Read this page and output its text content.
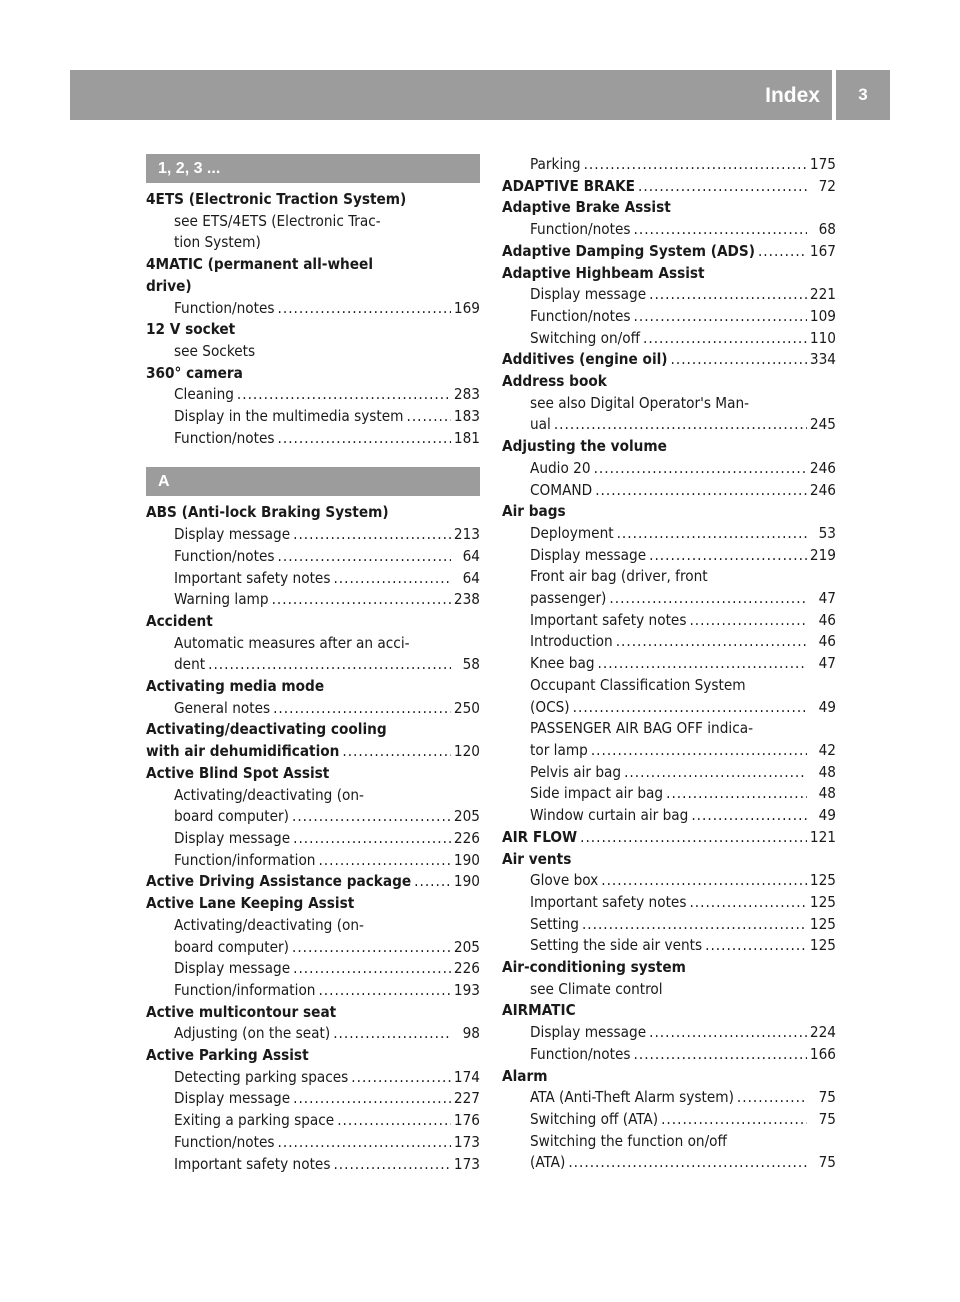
Index	3
1, 2, 3 ...
4ETS (Electronic Traction System)
see ETS/4ETS (Electronic Trac-
tion System)
4MATIC (permanent all-wheel
drive)
Function/notes .....	169
12 V socket
see Sockets
360° camera
Cleaning .....	283
Display in the multimedia system .....	183
Function/notes .....	181
A
ABS (Anti-lock Braking System)
Display message .....	213
Function/notes .....	64
Important safety notes .....	64
Warning lamp .....	238
Accident
Automatic measures after an acci-
dent .....	58
Activating media mode
General notes .....	250
Activating/deactivating cooling
with air dehumidification .....	120
Active Blind Spot Assist
Activating/deactivating (on-
board computer) .....	205
Display message .....	226
Function/information .....	190
Active Driving Assistance package .....	190
Active Lane Keeping Assist
Activating/deactivating (on-
board computer) .....	205
Display message .....	226
Function/information .....	193
Active multicontour seat
Adjusting (on the seat) .....	98
Active Parking Assist
Detecting parking spaces .....	174
Display message .....	227
Exiting a parking space .....	176
Function/notes .....	173
Important safety notes .....	173
Parking .....	175
ADAPTIVE BRAKE .....	72
Adaptive Brake Assist
Function/notes .....	68
Adaptive Damping System (ADS) .....	167
Adaptive Highbeam Assist
Display message .....	221
Function/notes .....	109
Switching on/off .....	110
Additives (engine oil) .....	334
Address book
see also Digital Operator's Man-
ual .....	245
Adjusting the volume
Audio 20 .....	246
COMAND .....	246
Air bags
Deployment .....	53
Display message .....	219
Front air bag (driver, front
passenger) .....	47
Important safety notes .....	46
Introduction .....	46
Knee bag .....	47
Occupant Classification System
(OCS) .....	49
PASSENGER AIR BAG OFF indica-
tor lamp .....	42
Pelvis air bag .....	48
Side impact air bag .....	48
Window curtain air bag .....	49
AIR FLOW .....	121
Air vents
Glove box .....	125
Important safety notes .....	125
Setting .....	125
Setting the side air vents .....	125
Air-conditioning system
see Climate control
AIRMATIC
Display message .....	224
Function/notes .....	166
Alarm
ATA (Anti-Theft Alarm system) .....	75
Switching off (ATA) .....	75
Switching the function on/off
(ATA) .....	75
